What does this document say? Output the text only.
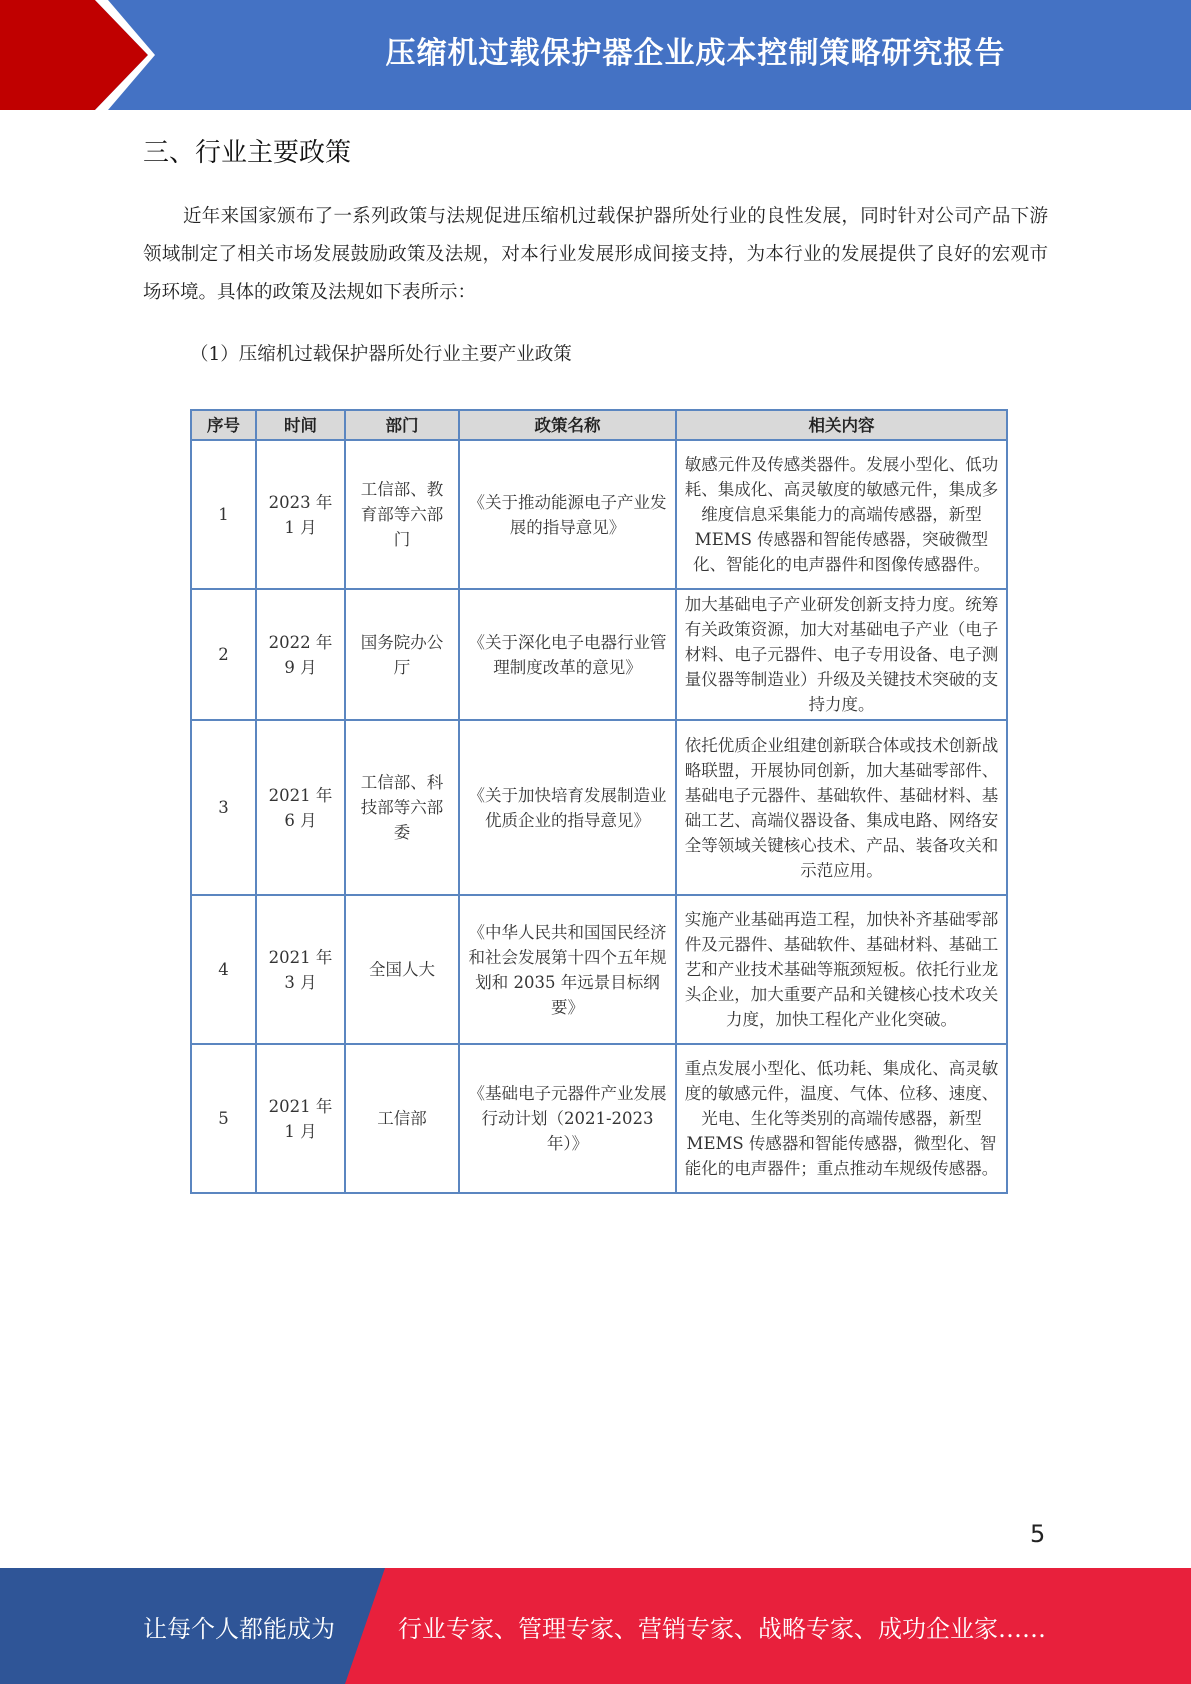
压缩机过载保护器企业成本控制策略研究报告
三、行业主要政策
近年来国家颁布了一系列政策与法规促进压缩机过载保护器所处行业的良性发展，同时针对公司产品下游领域制定了相关市场发展鼓励政策及法规，对本行业发展形成间接支持，为本行业的发展提供了良好的宏观市场环境。具体的政策及法规如下表所示：
（1）压缩机过载保护器所处行业主要产业政策
序号	时间	部门	政策名称	相关内容
1	2023 年 1 月	工信部、教育部等六部门	《关于推动能源电子产业发展的指导意见》	敏感元件及传感类器件。发展小型化、低功耗、集成化、高灵敏度的敏感元件，集成多维度信息采集能力的高端传感器，新型 MEMS 传感器和智能传感器，突破微型化、智能化的电声器件和图像传感器件。
2	2022 年 9 月	国务院办公厅	《关于深化电子电器行业管理制度改革的意见》	加大基础电子产业研发创新支持力度。统筹有关政策资源，加大对基础电子产业（电子材料、电子元器件、电子专用设备、电子测量仪器等制造业）升级及关键技术突破的支持力度。
3	2021 年 6 月	工信部、科技部等六部委	《关于加快培育发展制造业优质企业的指导意见》	依托优质企业组建创新联合体或技术创新战略联盟，开展协同创新，加大基础零部件、基础电子元器件、基础软件、基础材料、基础工艺、高端仪器设备、集成电路、网络安全等领域关键核心技术、产品、装备攻关和示范应用。
4	2021 年 3 月	全国人大	《中华人民共和国国民经济和社会发展第十四个五年规划和 2035 年远景目标纲要》	实施产业基础再造工程，加快补齐基础零部件及元器件、基础软件、基础材料、基础工艺和产业技术基础等瓶颈短板。依托行业龙头企业，加大重要产品和关键核心技术攻关力度，加快工程化产业化突破。
5	2021 年 1 月	工信部	《基础电子元器件产业发展行动计划（2021-2023 年）》	重点发展小型化、低功耗、集成化、高灵敏度的敏感元件，温度、气体、位移、速度、光电、生化等类别的高端传感器，新型 MEMS 传感器和智能传感器，微型化、智能化的电声器件；重点推动车规级传感器。
5
让每个人都能成为	行业专家、管理专家、营销专家、战略专家、成功企业家……
